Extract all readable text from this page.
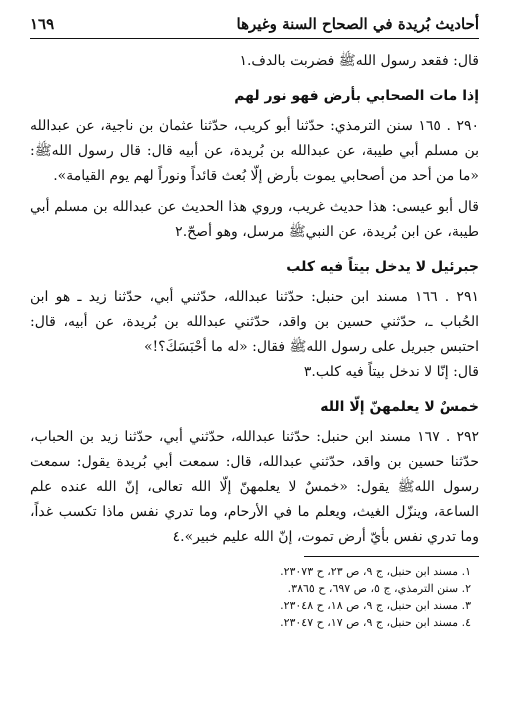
أحاديث بُريدة في الصحاح السنة وغيرها
١٦٩

قال: فقعد رسول اللهﷺ فضربت بالدف.١

إذا مات الصحابي بأرض فهو نور لهم

٢٩٠ . ١٦٥ سنن الترمذي: حدّثنا أبو كريب، حدّثنا عثمان بن ناجية، عن عبدالله بن مسلم أبي طيبة، عن عبدالله بن بُريدة، عن أبيه قال: قال رسول اللهﷺ: «ما من أحد من أصحابي يموت بأرض إلّا بُعث قائداً ونوراً لهم يوم القيامة».

قال أبو عيسى: هذا حديث غريب، وروي هذا الحديث عن عبدالله بن مسلم أبي طيبة، عن ابن بُريدة، عن النبيﷺ مرسل، وهو أصحّ.٢

جبرئيل لا يدخل بيتاً فيه كلب

٢٩١ . ١٦٦ مسند ابن حنبل: حدّثنا عبدالله، حدّثني أبي، حدّثنا زيد ـ هو ابن الحُباب ـ، حدّثني حسين بن واقد، حدّثني عبدالله بن بُريدة، عن أبيه، قال: احتبس جبريل على رسول اللهﷺ فقال: «له ما أحْبَسَكَ؟!»

قال: إنّا لا ندخل بيتاً فيه كلب.٣

خمسٌ لا يعلمهنّ إلّا الله

٢٩٢ . ١٦٧ مسند ابن حنبل: حدّثنا عبدالله، حدّثني أبي، حدّثنا زيد بن الحباب، حدّثنا حسين بن واقد، حدّثني عبدالله، قال: سمعت أبي بُريدة يقول: سمعت رسول اللهﷺ يقول: «خمسٌ لا يعلمهنّ إلّا الله تعالى، إنّ الله عنده علم الساعة، وينزّل الغيث، ويعلم ما في الأرحام، وما تدري نفس ماذا تكسب غداً، وما تدري نفس بأيّ أرض تموت، إنّ الله عليم خبير».٤

١. مسند ابن حنبل، ج ٩، ص ٢٣، ح ٢٣٠٧٣.

٢. سنن الترمذي، ج ٥، ص ٦٩٧، ح ٣٨٦٥.

٣. مسند ابن حنبل، ج ٩، ص ١٨، ح ٢٣٠٤٨.

٤. مسند ابن حنبل، ج ٩، ص ١٧، ح ٢٣٠٤٧.
